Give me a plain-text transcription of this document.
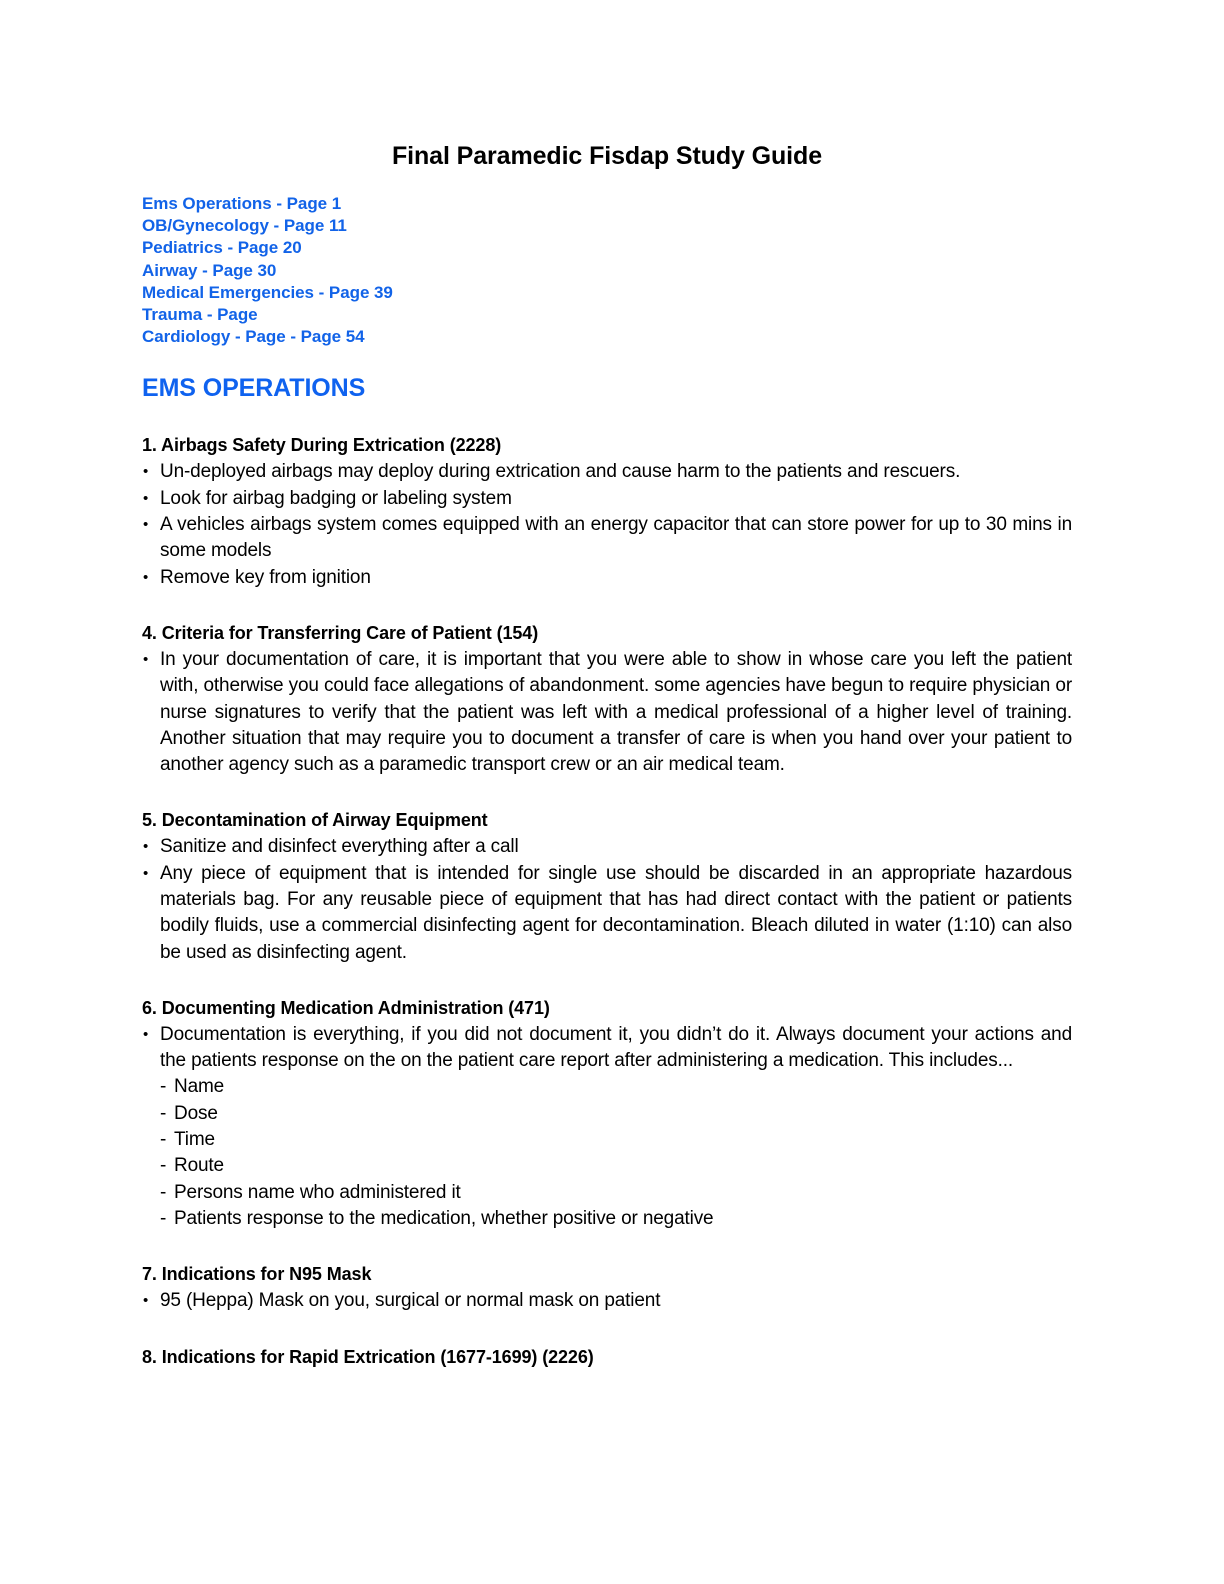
Final Paramedic Fisdap Study Guide
Ems Operations - Page 1
OB/Gynecology - Page 11
Pediatrics - Page 20
Airway - Page 30
Medical Emergencies - Page 39
Trauma - Page
Cardiology - Page - Page 54
EMS OPERATIONS
1. Airbags Safety During Extrication (2228)
• Un-deployed airbags may deploy during extrication and cause harm to the patients and rescuers.
• Look for airbag badging or labeling system
• A vehicles airbags system comes equipped with an energy capacitor that can store power for up to 30 mins in some models
• Remove key from ignition
4. Criteria for Transferring Care of Patient (154)
• In your documentation of care, it is important that you were able to show in whose care you left the patient with, otherwise you could face allegations of abandonment. some agencies have begun to require physician or nurse signatures to verify that the patient was left with a medical professional of a higher level of training. Another situation that may require you to document a transfer of care is when you hand over your patient to another agency such as a paramedic transport crew or an air medical team.
5. Decontamination of Airway Equipment
• Sanitize and disinfect everything after a call
• Any piece of equipment that is intended for single use should be discarded in an appropriate hazardous materials bag. For any reusable piece of equipment that has had direct contact with the patient or patients bodily fluids, use a commercial disinfecting agent for decontamination. Bleach diluted in water (1:10) can also be used as disinfecting agent.
6. Documenting Medication Administration (471)
• Documentation is everything, if you did not document it, you didn’t do it. Always document your actions and the patients response on the on the patient care report after administering a medication. This includes...
- Name
- Dose
- Time
- Route
- Persons name who administered it
- Patients response to the medication, whether positive or negative
7. Indications for N95 Mask
• 95 (Heppa) Mask on you, surgical or normal mask on patient
8. Indications for Rapid Extrication (1677-1699) (2226)
